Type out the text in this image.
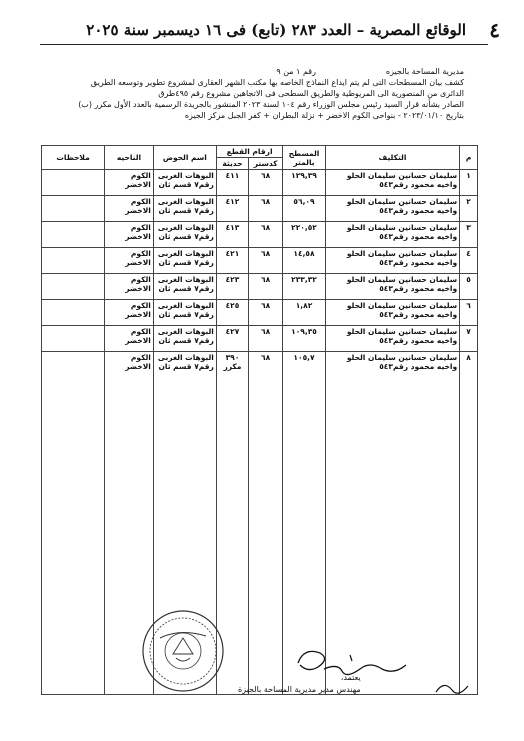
٤
الوقائع المصرية – العدد ٢٨٣ (تابع) فى ١٦ ديسمبر سنة ٢٠٢٥
مديرية المساحة بالجيزه
رقم ١ من ٩

كشف بيان المسطحات التى لم يتم ايداع النماذج الخاصه بها مكتب الشهر العقارى لمشروع تطوير وتوسعه الطريق

الدائرى من المنصورية الى المريوطية والطريق السطحى فى الاتجاهين مشروع رقم ٤٩٥طرق

الصادر بشأنه قرار السيد رئيس مجلس الوزراء رقم ١٠٤ لسنة ٢٠٢٣ المنشور بالجريدة الرسمية بالعدد الأول مكرر (ب)

بتاريخ ٢٠٢٣/٠١/١٠ - بنواحى الكوم الاخضر + نزلة البطران + كفر الجبل مركز الجيزه

م	التكليف	المسطح بالمتر	ارقام القطع		اسم الحوض	الناحيه	ملاحظات
			كدستر	حديثة			
١	سليمان حسانين سليمان الحلو واخيه محمود رقم٥٤٣	١٢٩,٣٩	٦٨	٤١١	البوهات الغربى رقم٧ قسم ثان	الكوم الاخضر	
٢	سليمان حسانين سليمان الحلو واخيه محمود رقم٥٤٣	٥٦,٠٩	٦٨	٤١٢	البوهات الغربى رقم٧ قسم ثان	الكوم الاخضر	
٣	سليمان حسانين سليمان الحلو واخيه محمود رقم٥٤٣	٢٢٠,٥٢	٦٨	٤١٣	البوهات الغربى رقم٧ قسم ثان	الكوم الاخضر	
٤	سليمان حسانين سليمان الحلو واخيه محمود رقم٥٤٣	١٤,٥٨	٦٨	٤٢١	البوهات الغربى رقم٧ قسم ثان	الكوم الاخضر	
٥	سليمان حسانين سليمان الحلو واخيه محمود رقم٥٤٣	٢٣٣,٣٢	٦٨	٤٢٣	البوهات الغربى رقم٧ قسم ثان	الكوم الاخضر	
٦	سليمان حسانين سليمان الحلو واخيه محمود رقم٥٤٣	١,٨٢	٦٨	٤٢٥	البوهات الغربى رقم٧ قسم ثان	الكوم الاخضر	
٧	سليمان حسانين سليمان الحلو واخيه محمود رقم٥٤٣	١٠٩,٣٥	٦٨	٤٢٧	البوهات الغربى رقم٧ قسم ثان	الكوم الاخضر	
٨	سليمان حسانين سليمان الحلو واخيه محمود رقم٥٤٣	١٠٥,٧	٦٨	٣٩٠ مكرر	البوهات الغربى رقم٧ قسم ثان	الكوم الاخضر	

يعتمد،

مهندس مدير مديرية المساحة بالجيزة
